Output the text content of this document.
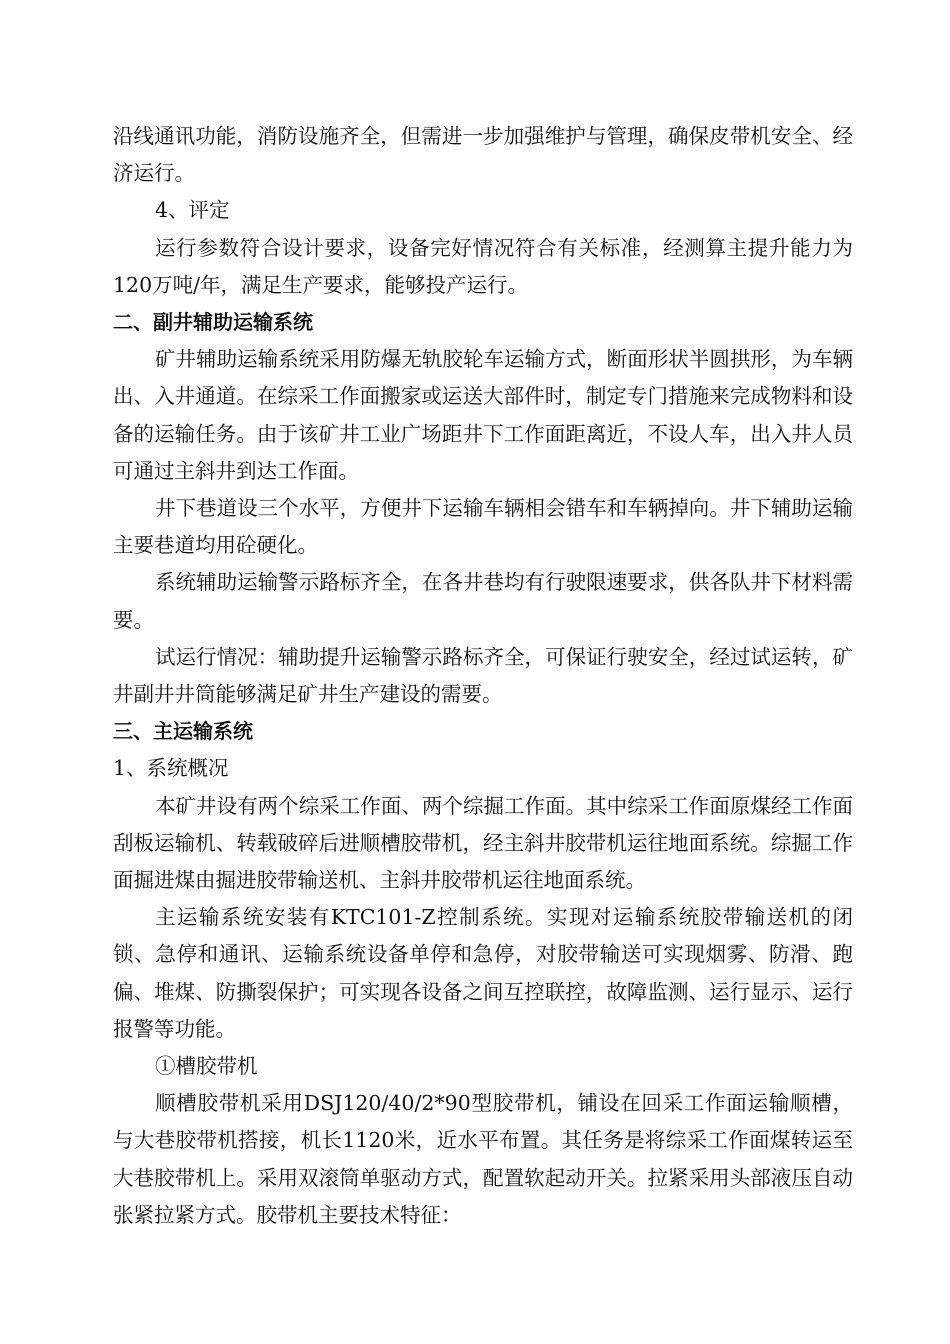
沿线通讯功能，消防设施齐全，但需进一步加强维护与管理，确保皮带机安全、经济运行。

4、评定

运行参数符合设计要求，设备完好情况符合有关标准，经测算主提升能力为120万吨/年，满足生产要求，能够投产运行。

二、副井辅助运输系统

矿井辅助运输系统采用防爆无轨胶轮车运输方式，断面形状半圆拱形，为车辆出、入井通道。在综采工作面搬家或运送大部件时，制定专门措施来完成物料和设备的运输任务。由于该矿井工业广场距井下工作面距离近，不设人车，出入井人员可通过主斜井到达工作面。

井下巷道设三个水平，方便井下运输车辆相会错车和车辆掉向。井下辅助运输主要巷道均用砼硬化。

系统辅助运输警示路标齐全，在各井巷均有行驶限速要求，供各队井下材料需要。

试运行情况：辅助提升运输警示路标齐全，可保证行驶安全，经过试运转，矿井副井井筒能够满足矿井生产建设的需要。

三、主运输系统

1、系统概况

本矿井设有两个综采工作面、两个综掘工作面。其中综采工作面原煤经工作面刮板运输机、转载破碎后进顺槽胶带机，经主斜井胶带机运往地面系统。综掘工作面掘进煤由掘进胶带输送机、主斜井胶带机运往地面系统。

主运输系统安装有KTC101-Z控制系统。实现对运输系统胶带输送机的闭锁、急停和通讯、运输系统设备单停和急停，对胶带输送可实现烟雾、防滑、跑偏、堆煤、防撕裂保护；可实现各设备之间互控联控，故障监测、运行显示、运行报警等功能。

①槽胶带机

顺槽胶带机采用DSJ120/40/2*90型胶带机，铺设在回采工作面运输顺槽，与大巷胶带机搭接，机长1120米，近水平布置。其任务是将综采工作面煤转运至大巷胶带机上。采用双滚筒单驱动方式，配置软起动开关。拉紧采用头部液压自动张紧拉紧方式。胶带机主要技术特征：
